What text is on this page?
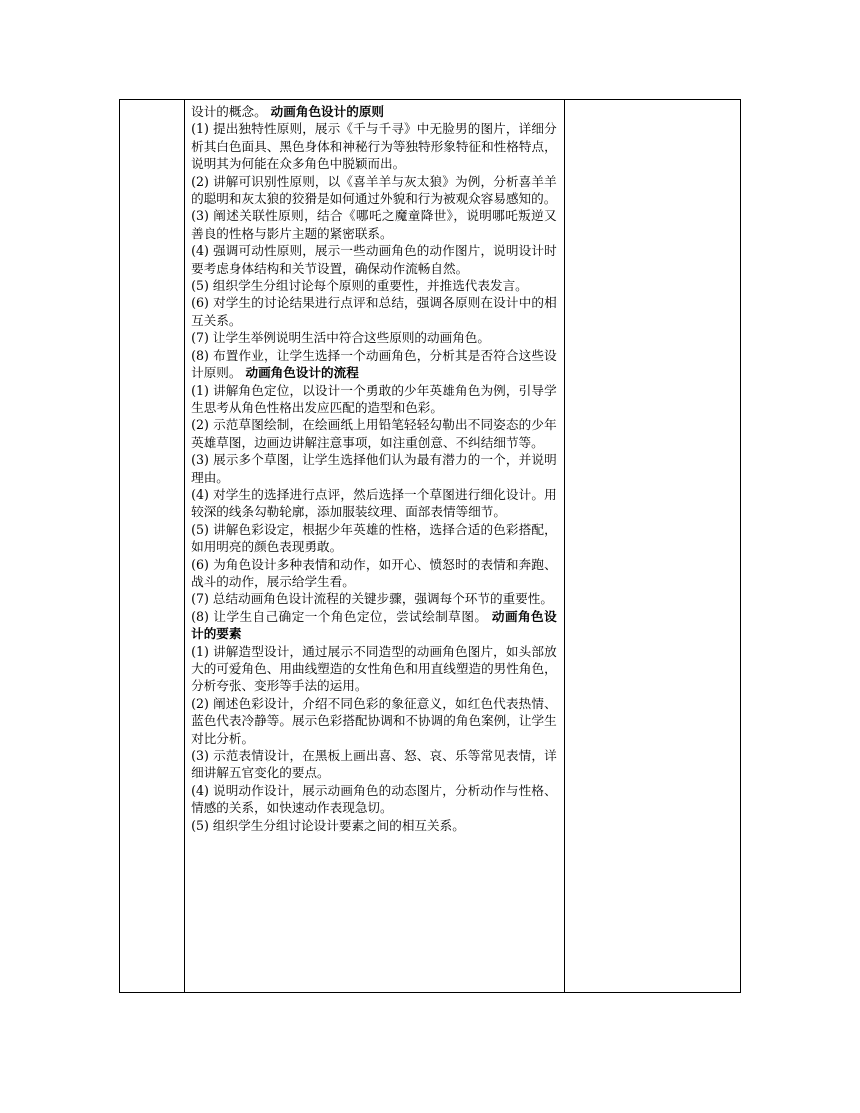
设计的概念。 动画角色设计的原则

(1) 提出独特性原则，展示《千与千寻》中无脸男的图片，详细分析其白色面具、黑色身体和神秘行为等独特形象特征和性格特点，说明其为何能在众多角色中脱颖而出。

(2) 讲解可识别性原则，以《喜羊羊与灰太狼》为例，分析喜羊羊的聪明和灰太狼的狡猾是如何通过外貌和行为被观众容易感知的。

(3) 阐述关联性原则，结合《哪吒之魔童降世》，说明哪吒叛逆又善良的性格与影片主题的紧密联系。

(4) 强调可动性原则，展示一些动画角色的动作图片，说明设计时要考虑身体结构和关节设置，确保动作流畅自然。

(5) 组织学生分组讨论每个原则的重要性，并推选代表发言。

(6) 对学生的讨论结果进行点评和总结，强调各原则在设计中的相互关系。

(7) 让学生举例说明生活中符合这些原则的动画角色。

(8) 布置作业，让学生选择一个动画角色，分析其是否符合这些设计原则。 动画角色设计的流程

(1) 讲解角色定位，以设计一个勇敢的少年英雄角色为例，引导学生思考从角色性格出发应匹配的造型和色彩。

(2) 示范草图绘制，在绘画纸上用铅笔轻轻勾勒出不同姿态的少年英雄草图，边画边讲解注意事项，如注重创意、不纠结细节等。

(3) 展示多个草图，让学生选择他们认为最有潜力的一个，并说明理由。

(4) 对学生的选择进行点评，然后选择一个草图进行细化设计。用较深的线条勾勒轮廓，添加服装纹理、面部表情等细节。

(5) 讲解色彩设定，根据少年英雄的性格，选择合适的色彩搭配，如用明亮的颜色表现勇敢。

(6) 为角色设计多种表情和动作，如开心、愤怒时的表情和奔跑、战斗的动作，展示给学生看。

(7) 总结动画角色设计流程的关键步骤，强调每个环节的重要性。

(8) 让学生自己确定一个角色定位，尝试绘制草图。 动画角色设计的要素

(1) 讲解造型设计，通过展示不同造型的动画角色图片，如头部放大的可爱角色、用曲线塑造的女性角色和用直线塑造的男性角色，分析夸张、变形等手法的运用。

(2) 阐述色彩设计，介绍不同色彩的象征意义，如红色代表热情、蓝色代表冷静等。展示色彩搭配协调和不协调的角色案例，让学生对比分析。

(3) 示范表情设计，在黑板上画出喜、怒、哀、乐等常见表情，详细讲解五官变化的要点。

(4) 说明动作设计，展示动画角色的动态图片，分析动作与性格、情感的关系，如快速动作表现急切。

(5) 组织学生分组讨论设计要素之间的相互关系。
